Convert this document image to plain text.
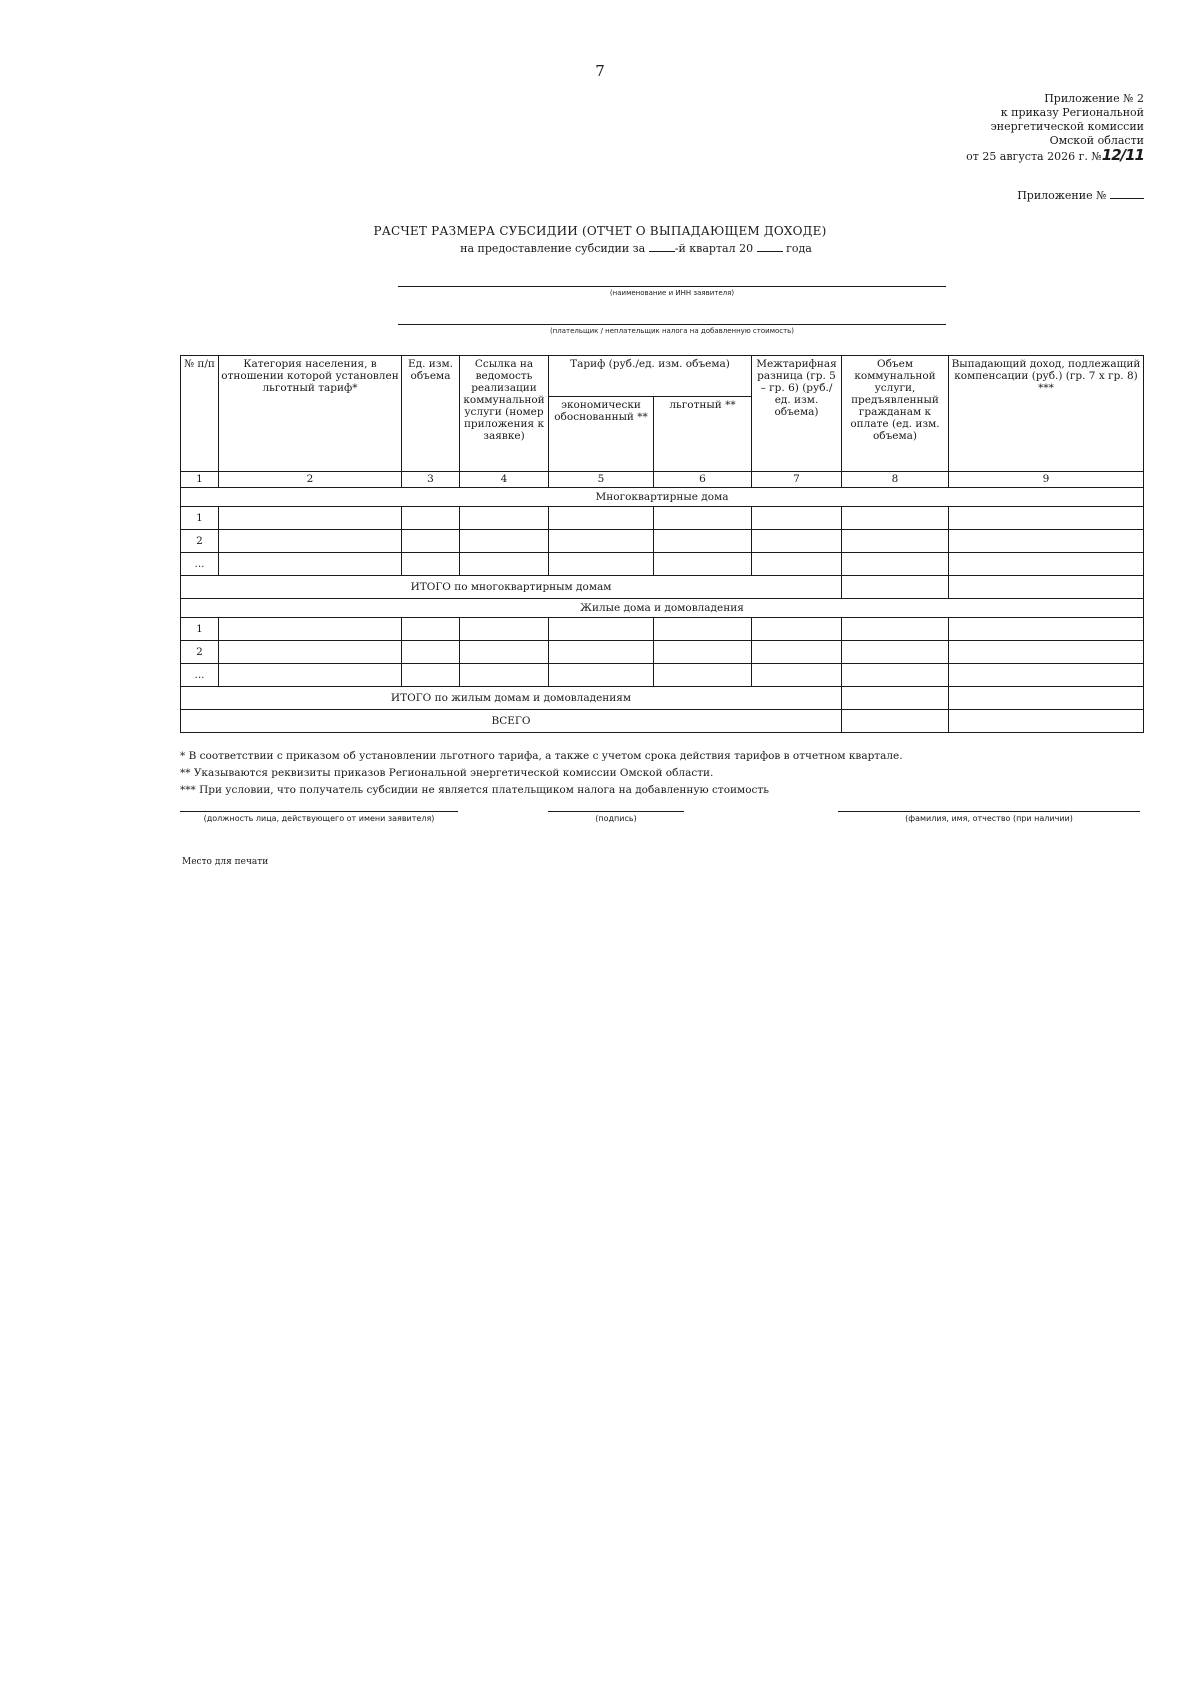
7
Приложение № 2
к приказу Региональной
энергетической комиссии
Омской области
от 25 августа 2026 г. №12/11
Приложение №
РАСЧЕТ РАЗМЕРА СУБСИДИИ (ОТЧЕТ О ВЫПАДАЮЩЕМ ДОХОДЕ)
на предоставление субсидии за	-й квартал 20	года
(наименование и ИНН заявителя)
(плательщик / неплательщик налога на добавленную стоимость)
№ п/п	Категория населения, в отношении которой установлен льготный тариф*	Ед. изм. объема	Ссылка на ведомость реализации коммунальной услуги (номер приложения к заявке)	Тариф (руб./ед. изм. объема)		Межтарифная разница (гр. 5 – гр. 6) (руб./ед. изм. объема)	Объем коммунальной услуги, предъявленный гражданам к оплате (ед. изм. объема)	Выпадающий доход, подлежащий компенсации (руб.) (гр. 7 х гр. 8) ***
				экономически обоснованный **	льготный **			
1	2	3	4	5	6	7	8	9
Многоквартирные дома								
1								
2								
...								
ИТОГО по многоквартирным домам								
Жилые дома и домовладения								
1								
2								
...								
ИТОГО по жилым домам и домовладениям								
ВСЕГО								
* В соответствии с приказом об установлении льготного тарифа, а также с учетом срока действия тарифов в отчетном квартале.
** Указываются реквизиты приказов Региональной энергетической комиссии Омской области.
*** При условии, что получатель субсидии не является плательщиком налога на добавленную стоимость
(должность лица, действующего от имени заявителя)	(подпись)	(фамилия, имя, отчество (при наличии)
Место для печати
